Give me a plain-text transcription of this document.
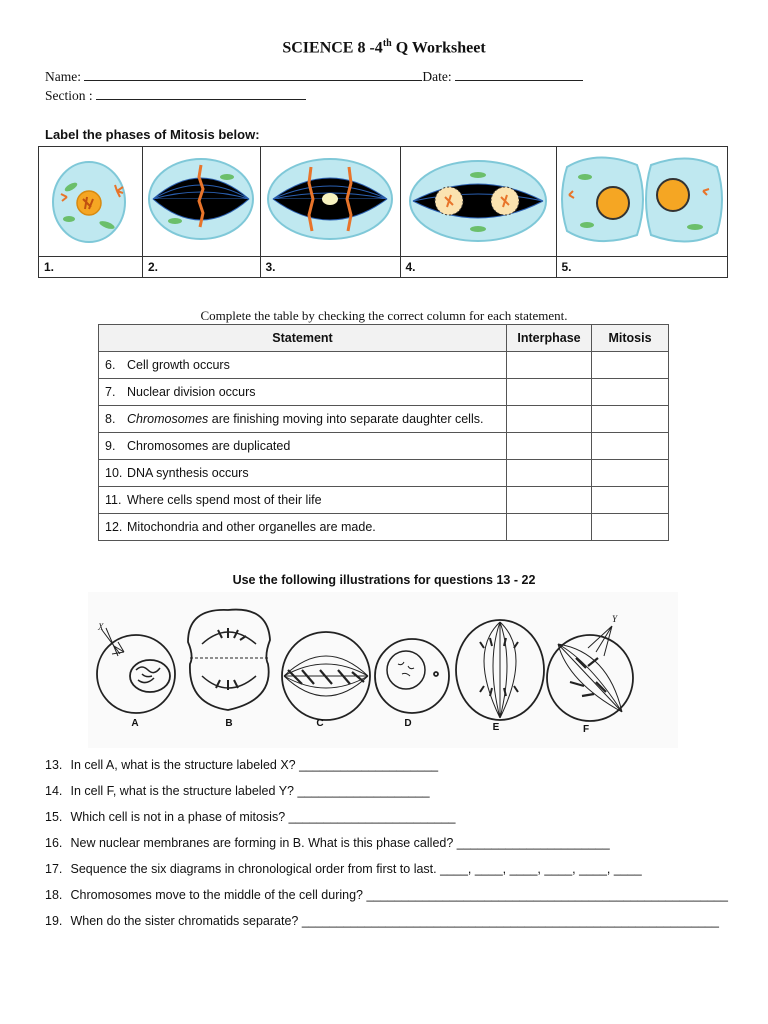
SCIENCE 8 -4th Q Worksheet
Name:	Date:
Section :
Label the phases of Mitosis below:

1.	2.	3.	4.	5.
Complete the table by checking the correct column for each statement.
Statement	Interphase	Mitosis
6. Cell growth occurs		
7. Nuclear division occurs		
8. Chromosomes are finishing moving into separate daughter cells.		
9. Chromosomes are duplicated		
10. DNA synthesis occurs		
11. Where cells spend most of their life		
12. Mitochondria and other organelles are made.		
Use the following illustrations for questions 13 - 22
A	B	C	D	E	F
X
Y
13. In cell A, what is the structure labeled X? ____________________
14. In cell F, what is the structure labeled Y? ___________________
15. Which cell is not in a phase of mitosis? ________________________
16. New nuclear membranes are forming in B. What is this phase called? ______________________
17. Sequence the six diagrams in chronological order from first to last. ____, ____, ____, ____, ____, ____
18. Chromosomes move to the middle of the cell during? ____________________________________________________
19. When do the sister chromatids separate? ____________________________________________________________
